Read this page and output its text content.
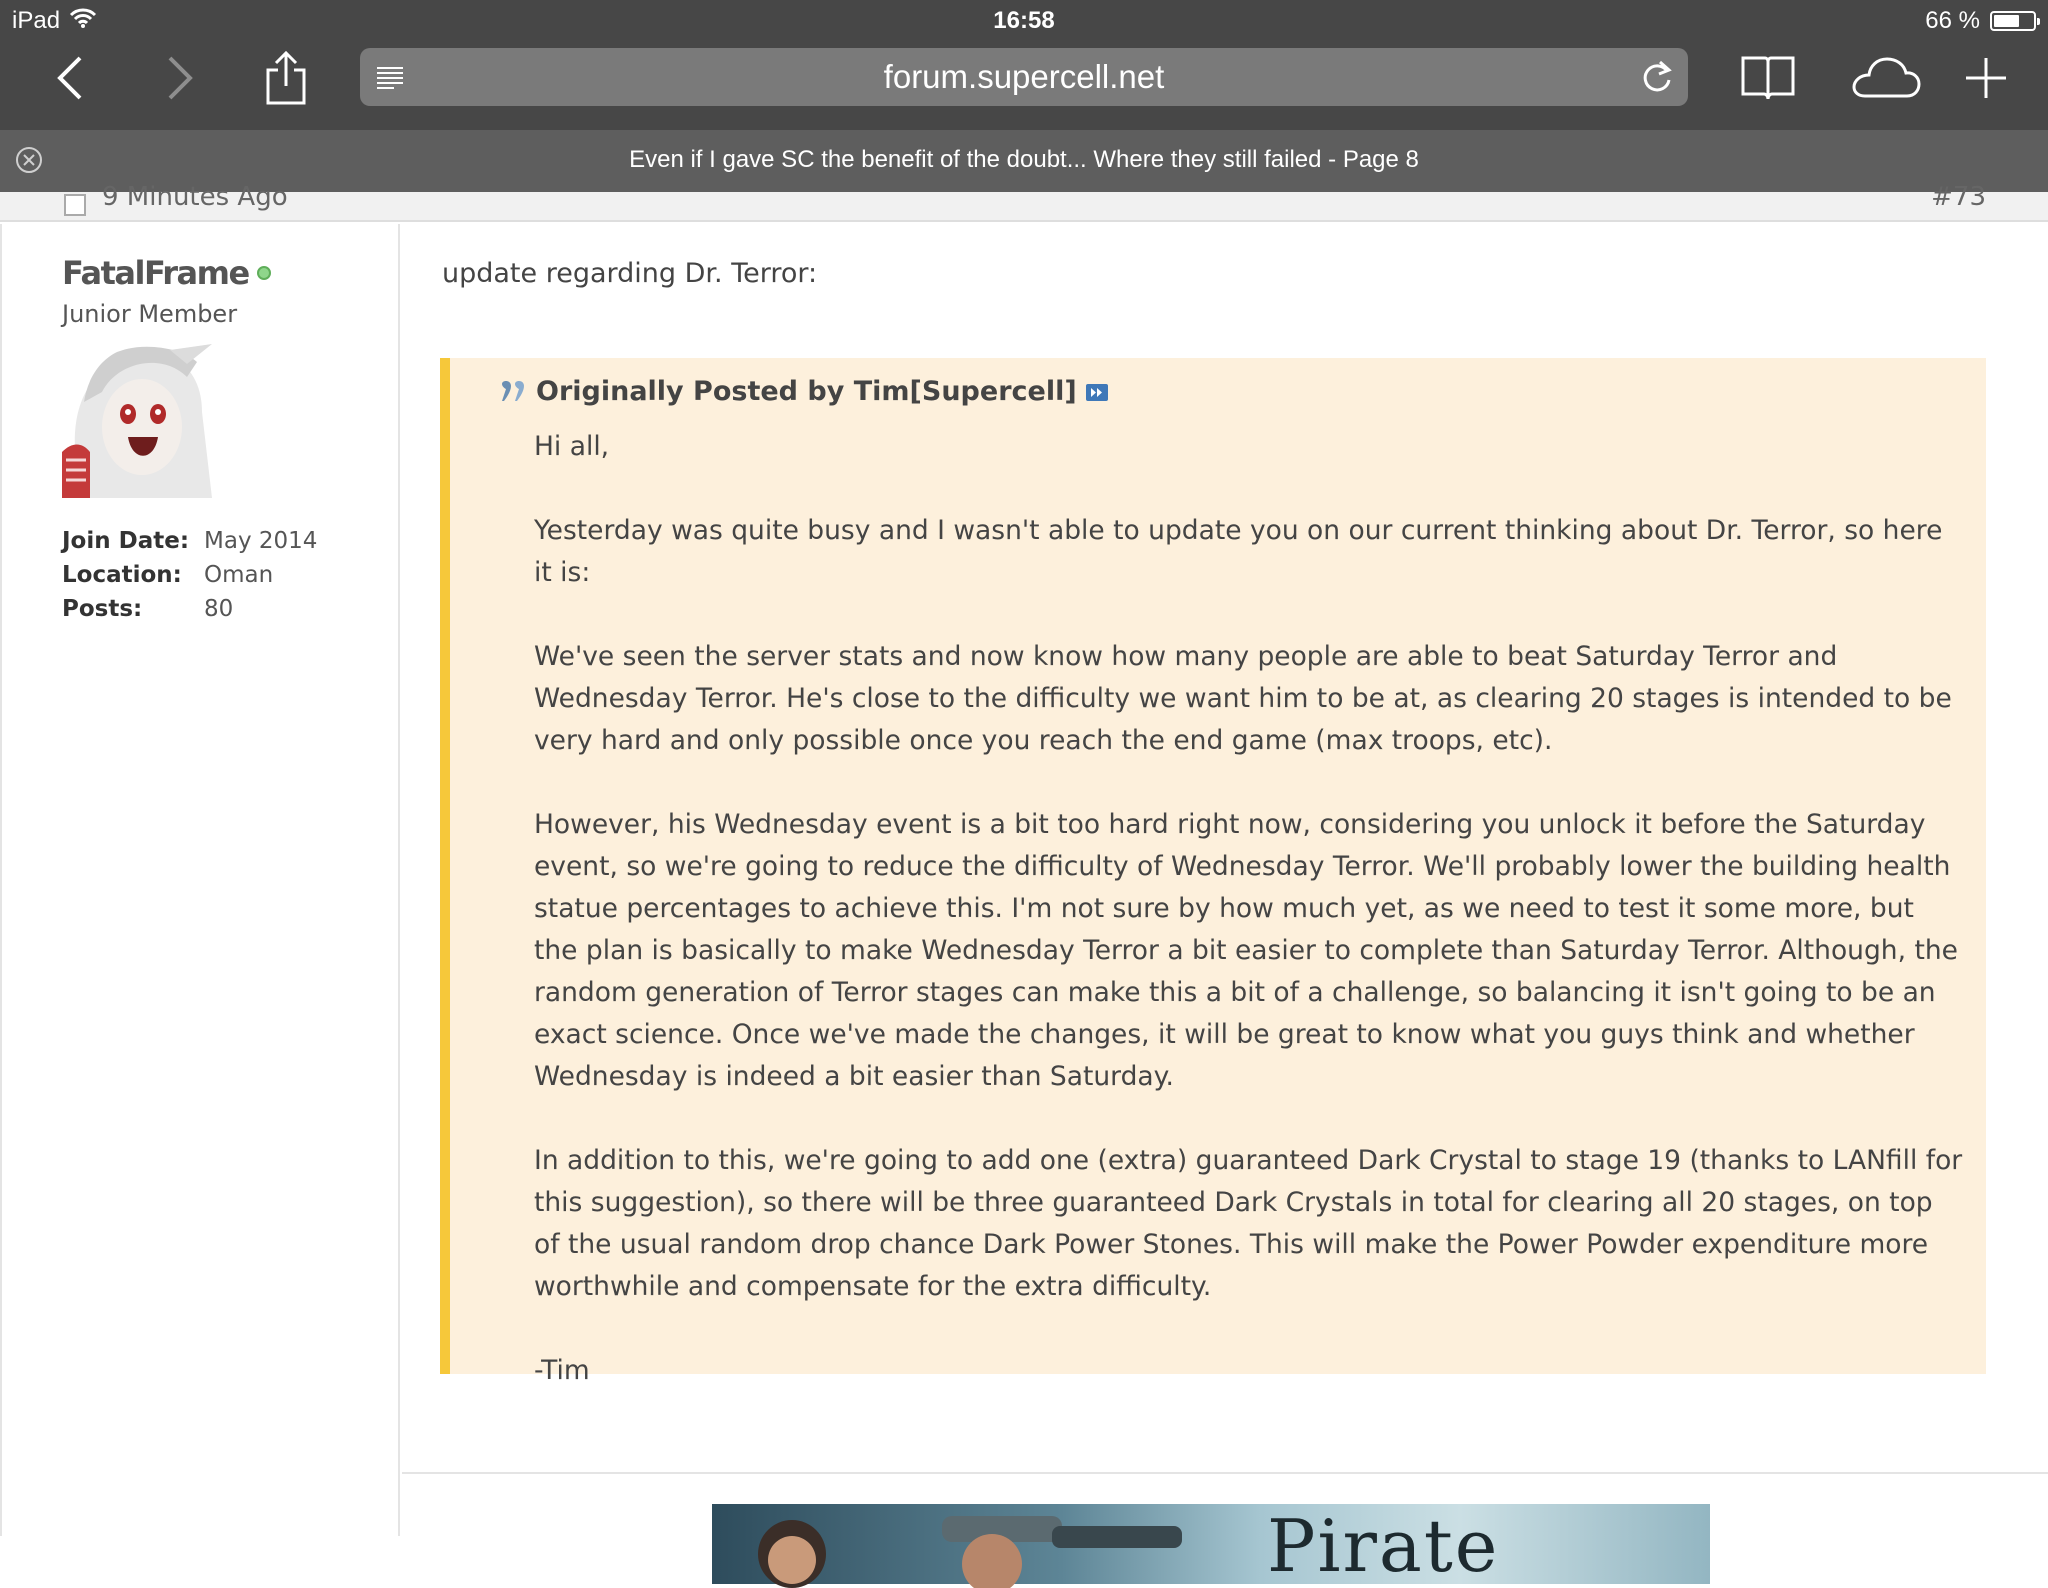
iPad	16:58	66 %
forum.supercell.net
Even if I gave SC the benefit of the doubt... Where they still failed - Page 8
9 Minutes Ago	#73
FatalFrame
Junior Member
Join Date: May 2014
Location: Oman
Posts:	80
update regarding Dr. Terror:
Originally Posted by Tim[Supercell]

Hi all,

Yesterday was quite busy and I wasn't able to update you on our current thinking about Dr. Terror, so here it is:

We've seen the server stats and now know how many people are able to beat Saturday Terror and Wednesday Terror. He's close to the difficulty we want him to be at, as clearing 20 stages is intended to be very hard and only possible once you reach the end game (max troops, etc).

However, his Wednesday event is a bit too hard right now, considering you unlock it before the Saturday event, so we're going to reduce the difficulty of Wednesday Terror. We'll probably lower the building health statue percentages to achieve this. I'm not sure by how much yet, as we need to test it some more, but the plan is basically to make Wednesday Terror a bit easier to complete than Saturday Terror. Although, the random generation of Terror stages can make this a bit of a challenge, so balancing it isn't going to be an exact science. Once we've made the changes, it will be great to know what you guys think and whether Wednesday is indeed a bit easier than Saturday.

In addition to this, we're going to add one (extra) guaranteed Dark Crystal to stage 19 (thanks to LANfill for this suggestion), so there will be three guaranteed Dark Crystals in total for clearing all 20 stages, on top of the usual random drop chance Dark Power Stones. This will make the Power Powder expenditure more worthwhile and compensate for the extra difficulty.

-Tim

Pirate
